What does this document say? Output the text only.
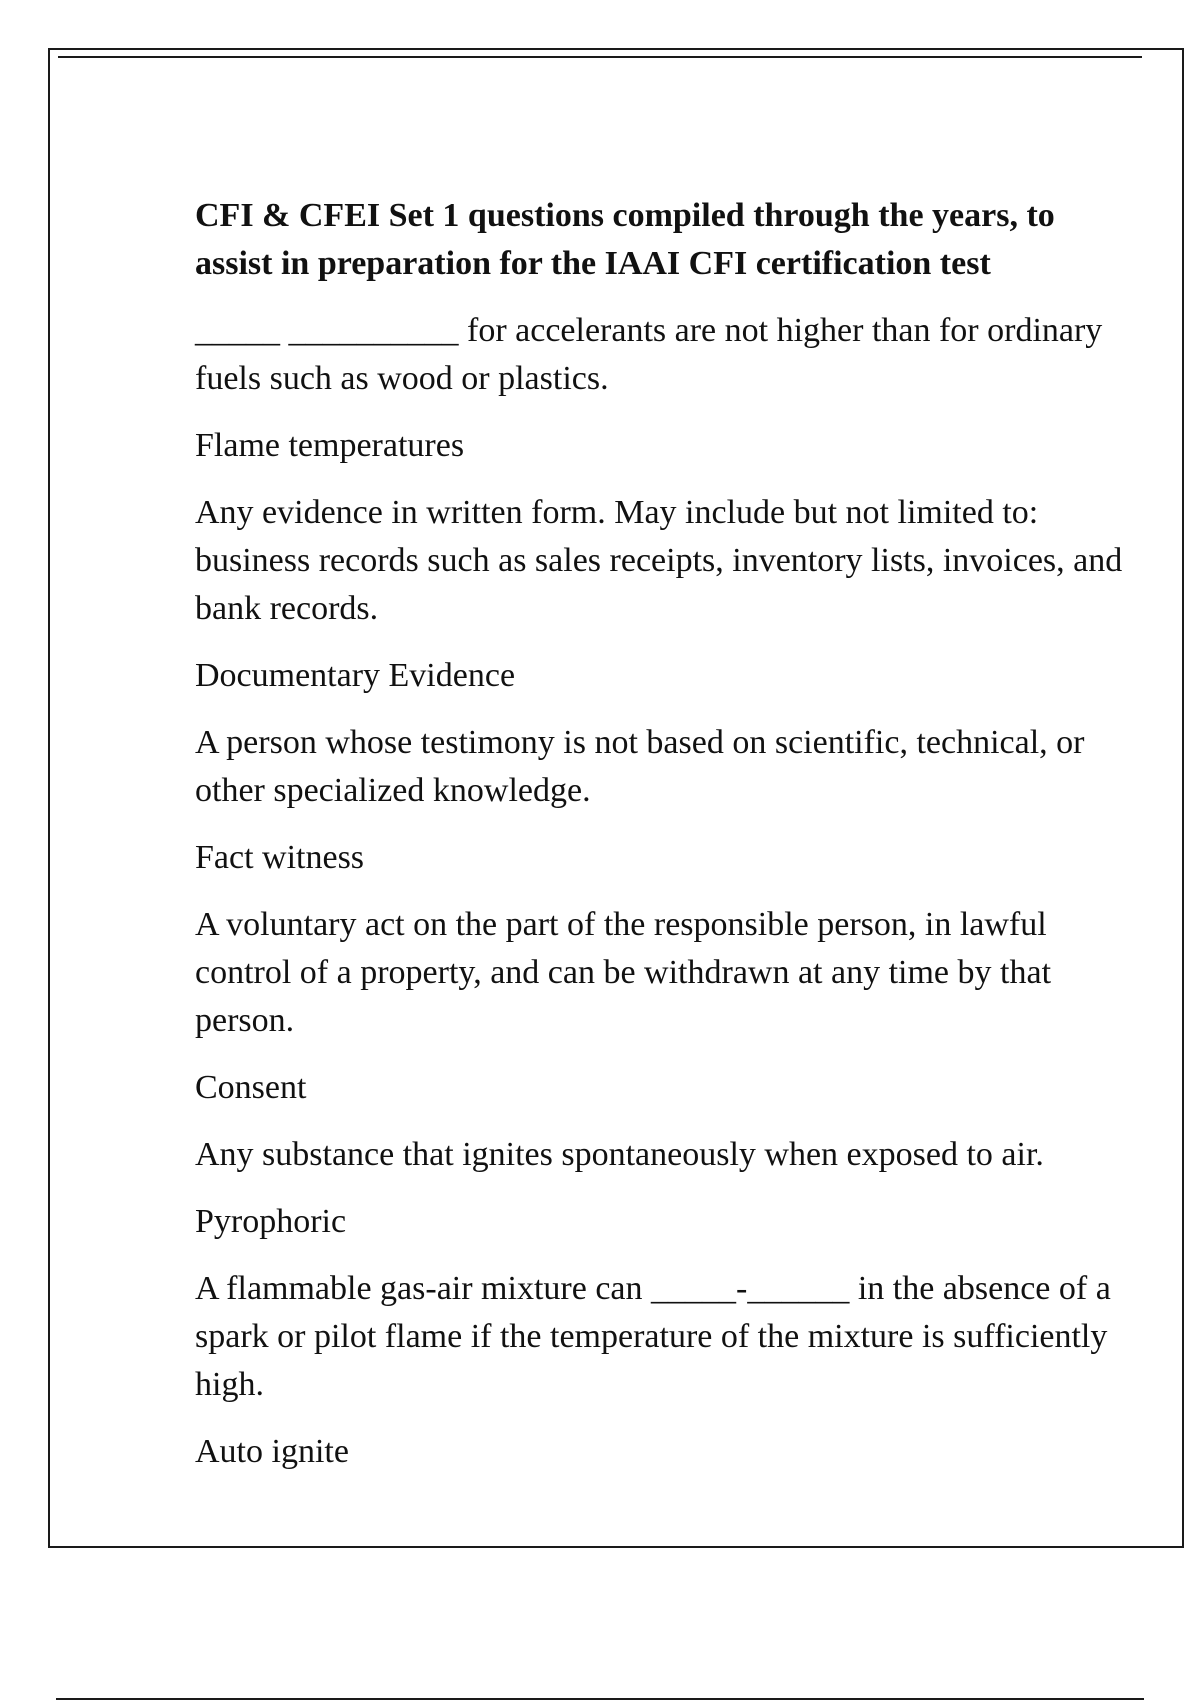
CFI & CFEI Set 1 questions compiled through the years, to assist in preparation for the IAAI CFI certification test

_____ __________ for accelerants are not higher than for ordinary fuels such as wood or plastics.

Flame temperatures

Any evidence in written form. May include but not limited to: business records such as sales receipts, inventory lists, invoices, and bank records.

Documentary Evidence

A person whose testimony is not based on scientific, technical, or other specialized knowledge.

Fact witness

A voluntary act on the part of the responsible person, in lawful control of a property, and can be withdrawn at any time by that person.

Consent

Any substance that ignites spontaneously when exposed to air.

Pyrophoric

A flammable gas-air mixture can _____-______ in the absence of a spark or pilot flame if the temperature of the mixture is sufficiently high.

Auto ignite
